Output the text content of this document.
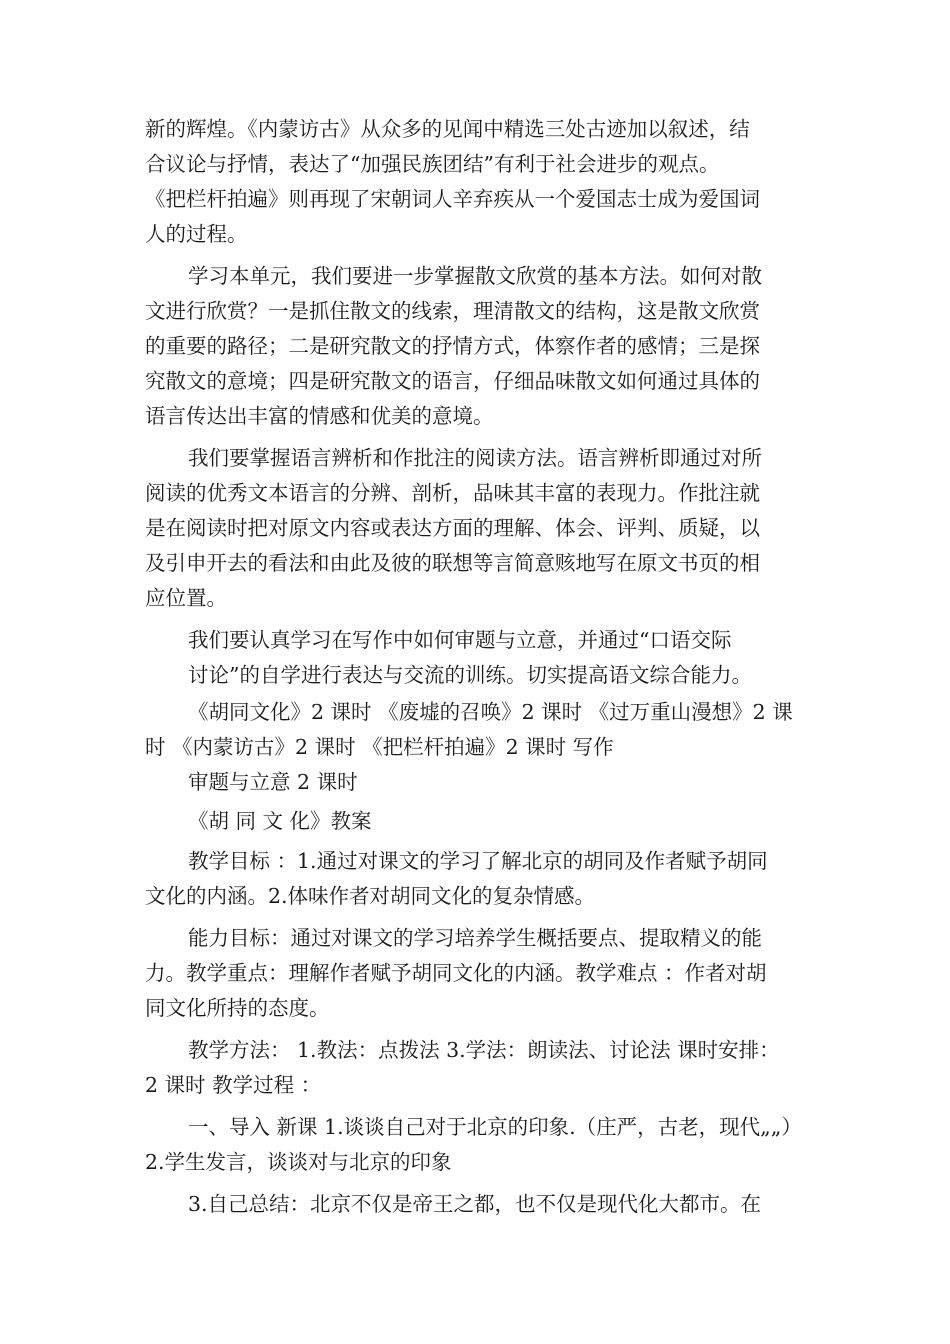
新的辉煌。《内蒙访古》从众多的见闻中精选三处古迹加以叙述，结
合议论与抒情，表达了“加强民族团结”有利于社会进步的观点。
《把栏杆拍遍》则再现了宋朝词人辛弃疾从一个爱国志士成为爱国词
人的过程。
学习本单元，我们要进一步掌握散文欣赏的基本方法。如何对散
文进行欣赏？一是抓住散文的线索，理清散文的结构，这是散文欣赏
的重要的路径；二是研究散文的抒情方式，体察作者的感情；三是探
究散文的意境；四是研究散文的语言，仔细品味散文如何通过具体的
语言传达出丰富的情感和优美的意境。
我们要掌握语言辨析和作批注的阅读方法。语言辨析即通过对所
阅读的优秀文本语言的分辨、剖析，品味其丰富的表现力。作批注就
是在阅读时把对原文内容或表达方面的理解、体会、评判、质疑，以
及引申开去的看法和由此及彼的联想等言简意赅地写在原文书页的相
应位置。
我们要认真学习在写作中如何审题与立意，并通过“口语交际
讨论”的自学进行表达与交流的训练。切实提高语文综合能力。
《胡同文化》2 课时 《废墟的召唤》2 课时 《过万重山漫想》2 课
时 《内蒙访古》2 课时 《把栏杆拍遍》2 课时 写作
审题与立意 2 课时
《胡 同 文 化》教案
教学目标 ：1.通过对课文的学习了解北京的胡同及作者赋予胡同
文化的内涵。2.体味作者对胡同文化的复杂情感。
能力目标：通过对课文的学习培养学生概括要点、提取精义的能
力。教学重点：理解作者赋予胡同文化的内涵。教学难点 ：作者对胡
同文化所持的态度。
教学方法： 1.教法：点拨法 3.学法：朗读法、讨论法 课时安排：
2 课时 教学过程 ：
一、导入 新课 1.谈谈自己对于北京的印象.（庄严，古老，现代„„）
2.学生发言，谈谈对与北京的印象
3.自己总结：北京不仅是帝王之都，也不仅是现代化大都市。在
